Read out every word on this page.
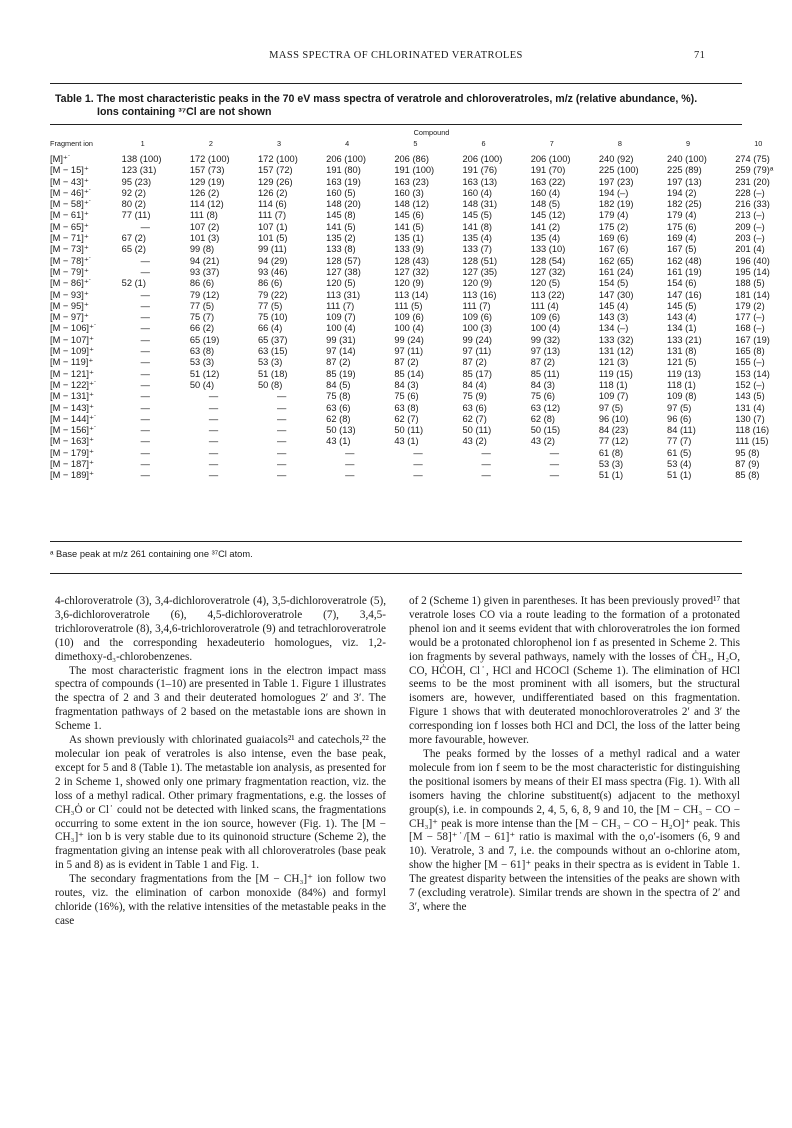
MASS SPECTRA OF CHLORINATED VERATROLES	71
Table 1. The most characteristic peaks in the 70 eV mass spectra of veratrole and chloroveratroles, m/z (relative abundance, %).
Ions containing ³⁷Cl are not shown
	Compound									
Fragment ion	1	2	3	4	5	6	7	8	9	10
[M]⁺˙	138 (100)	172 (100)	172 (100)	206 (100)	206 (86)	206 (100)	206 (100)	240 (92)	240 (100)	274 (75)
[M − 15]⁺	123 (31)	157 (73)	157 (72)	191 (80)	191 (100)	191 (76)	191 (70)	225 (100)	225 (89)	259 (79)ᵃ
[M − 43]⁺	95 (23)	129 (19)	129 (26)	163 (19)	163 (23)	163 (13)	163 (22)	197 (23)	197 (13)	231 (20)
[M − 46]⁺˙	92 (2)	126 (2)	126 (2)	160 (5)	160 (3)	160 (4)	160 (4)	194 (–)	194 (2)	228 (–)
[M − 58]⁺˙	80 (2)	114 (12)	114 (6)	148 (20)	148 (12)	148 (31)	148 (5)	182 (19)	182 (25)	216 (33)
[M − 61]⁺	77 (11)	111 (8)	111 (7)	145 (8)	145 (6)	145 (5)	145 (12)	179 (4)	179 (4)	213 (–)
[M − 65]⁺	—	107 (2)	107 (1)	141 (5)	141 (5)	141 (8)	141 (2)	175 (2)	175 (6)	209 (–)
[M − 71]⁺	67 (2)	101 (3)	101 (5)	135 (2)	135 (1)	135 (4)	135 (4)	169 (6)	169 (4)	203 (–)
[M − 73]⁺	65 (2)	99 (8)	99 (11)	133 (8)	133 (9)	133 (7)	133 (10)	167 (6)	167 (5)	201 (4)
[M − 78]⁺˙	—	94 (21)	94 (29)	128 (57)	128 (43)	128 (51)	128 (54)	162 (65)	162 (48)	196 (40)
[M − 79]⁺	—	93 (37)	93 (46)	127 (38)	127 (32)	127 (35)	127 (32)	161 (24)	161 (19)	195 (14)
[M − 86]⁺˙	52 (1)	86 (6)	86 (6)	120 (5)	120 (9)	120 (9)	120 (5)	154 (5)	154 (6)	188 (5)
[M − 93]⁺	—	79 (12)	79 (22)	113 (31)	113 (14)	113 (16)	113 (22)	147 (30)	147 (16)	181 (14)
[M − 95]⁺	—	77 (5)	77 (5)	111 (7)	111 (5)	111 (7)	111 (4)	145 (4)	145 (5)	179 (2)
[M − 97]⁺	—	75 (7)	75 (10)	109 (7)	109 (6)	109 (6)	109 (6)	143 (3)	143 (4)	177 (–)
[M − 106]⁺˙	—	66 (2)	66 (4)	100 (4)	100 (4)	100 (3)	100 (4)	134 (–)	134 (1)	168 (–)
[M − 107]⁺	—	65 (19)	65 (37)	99 (31)	99 (24)	99 (24)	99 (32)	133 (32)	133 (21)	167 (19)
[M − 109]⁺	—	63 (8)	63 (15)	97 (14)	97 (11)	97 (11)	97 (13)	131 (12)	131 (8)	165 (8)
[M − 119]⁺	—	53 (3)	53 (3)	87 (2)	87 (2)	87 (2)	87 (2)	121 (3)	121 (5)	155 (–)
[M − 121]⁺	—	51 (12)	51 (18)	85 (19)	85 (14)	85 (17)	85 (11)	119 (15)	119 (13)	153 (14)
[M − 122]⁺˙	—	50 (4)	50 (8)	84 (5)	84 (3)	84 (4)	84 (3)	118 (1)	118 (1)	152 (–)
[M − 131]⁺	—	—	—	75 (8)	75 (6)	75 (9)	75 (6)	109 (7)	109 (8)	143 (5)
[M − 143]⁺	—	—	—	63 (6)	63 (8)	63 (6)	63 (12)	97 (5)	97 (5)	131 (4)
[M − 144]⁺˙	—	—	—	62 (8)	62 (7)	62 (7)	62 (8)	96 (10)	96 (6)	130 (7)
[M − 156]⁺˙	—	—	—	50 (13)	50 (11)	50 (11)	50 (15)	84 (23)	84 (11)	118 (16)
[M − 163]⁺	—	—	—	43 (1)	43 (1)	43 (2)	43 (2)	77 (12)	77 (7)	111 (15)
[M − 179]⁺	—	—	—	—	—	—	—	61 (8)	61 (5)	95 (8)
[M − 187]⁺	—	—	—	—	—	—	—	53 (3)	53 (4)	87 (9)
[M − 189]⁺	—	—	—	—	—	—	—	51 (1)	51 (1)	85 (8)
ᵃ Base peak at m/z 261 containing one ³⁷Cl atom.

4-chloroveratrole (3), 3,4-dichloroveratrole (4), 3,5-dichloroveratrole (5), 3,6-dichloroveratrole (6), 4,5-dichloroveratrole (7), 3,4,5-trichloroveratrole (8), 3,4,6-trichloroveratrole (9) and tetrachloroveratrole (10) and the corresponding hexadeuterio homologues, viz. 1,2-dimethoxy-d₃-chlorobenzenes.

The most characteristic fragment ions in the electron impact mass spectra of compounds (1–10) are presented in Table 1. Figure 1 illustrates the spectra of 2 and 3 and their deuterated homologues 2′ and 3′. The fragmentation pathways of 2 based on the metastable ions are shown in Scheme 1.

As shown previously with chlorinated guaiacols²¹ and catechols,²² the molecular ion peak of veratroles is also intense, even the base peak, except for 5 and 8 (Table 1). The metastable ion analysis, as presented for 2 in Scheme 1, showed only one primary fragmentation reaction, viz. the loss of a methyl radical. Other primary fragmentations, e.g. the losses of CH₃Ȯ or Cl˙ could not be detected with linked scans, the fragmentations occurring to some extent in the ion source, however (Fig. 1). The [M − CH₃]⁺ ion b is very stable due to its quinonoid structure (Scheme 2), the fragmentation giving an intense peak with all chloroveratroles (base peak in 5 and 8) as is evident in Table 1 and Fig. 1.

The secondary fragmentations from the [M − CH₃]⁺ ion follow two routes, viz. the elimination of carbon monoxide (84%) and formyl chloride (16%), with the relative intensities of the metastable peaks in the case

of 2 (Scheme 1) given in parentheses. It has been previously proved¹⁷ that veratrole loses CO via a route leading to the formation of a protonated phenol ion and it seems evident that with chloroveratroles the ion formed would be a protonated chlorophenol ion f as presented in Scheme 2. This ion fragments by several pathways, namely with the losses of ĊH₃, H₂O, CO, HĊOH, Cl˙, HCl and HCOCl (Scheme 1). The elimination of HCl seems to be the most prominent with all isomers, but the structural isomers are, however, undifferentiated based on this fragmentation. Figure 1 shows that with deuterated monochloroveratroles 2′ and 3′ the corresponding ion f losses both HCl and DCl, the loss of the latter being more favourable, however.

The peaks formed by the losses of a methyl radical and a water molecule from ion f seem to be the most characteristic for distinguishing the positional isomers by means of their EI mass spectra (Fig. 1). With all isomers having the chlorine substituent(s) adjacent to the methoxyl group(s), i.e. in compounds 2, 4, 5, 6, 8, 9 and 10, the [M − CH₃ − CO − CH₃]⁺ peak is more intense than the [M − CH₃ − CO − H₂O]⁺ peak. This [M − 58]⁺˙/[M − 61]⁺ ratio is maximal with the o,o′-isomers (6, 9 and 10). Veratrole, 3 and 7, i.e. the compounds without an o-chlorine atom, show the higher [M − 61]⁺ peaks in their spectra as is evident in Table 1. The greatest disparity between the intensities of the peaks are shown with 7 (excluding veratrole). Similar trends are shown in the spectra of 2′ and 3′, where the
